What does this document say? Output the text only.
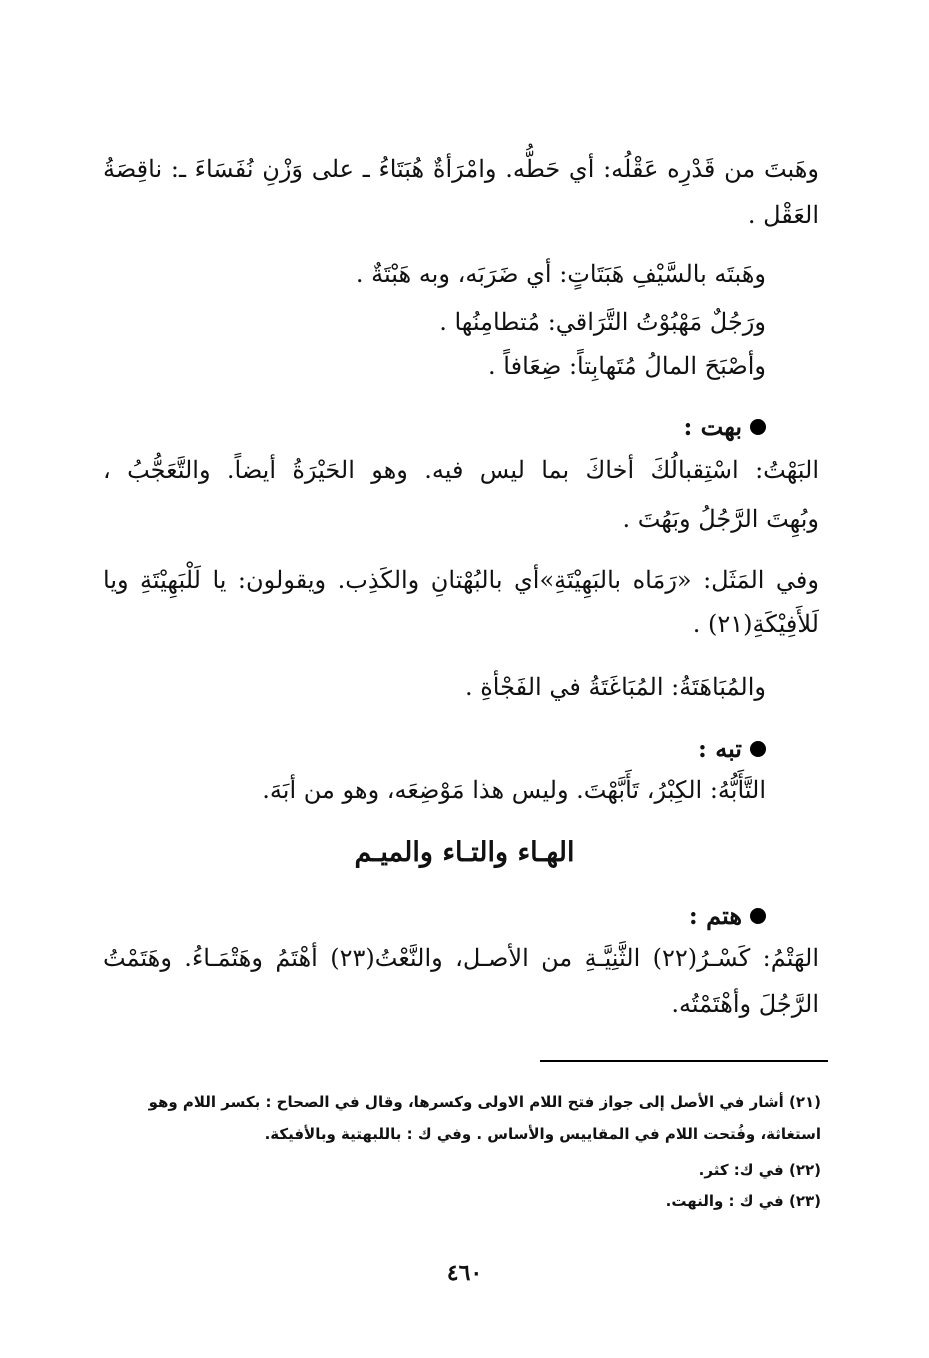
وهَبتَ من قَدْرِه عَقْلُه: أي حَطُّه. وامْرَأةٌ هُبَتَاءُ ـ على وَزْنِ نُفَسَاءَ ـ: ناقِصَةُ
العَقْل .
وهَبتَه بالسَّيْفِ هَبَتَاتٍ: أي ضَرَبَه، وبه هَبْتَةٌ .
ورَجُلٌ مَهْبُوْتُ التَّرَاقي: مُتطامِنُها .
وأصْبَحَ المالُ مُتَهابِتاً: ضِعَافاً .
بهت :
البَهْتُ: اسْتِقبالُكَ أخاكَ بما ليس فيه. وهو الحَيْرَةُ أيضاً. والتَّعَجُّبُ ،
وبُهِتَ الرَّجُلُ وبَهُتَ .
وفي المَثَل: «رَمَاه بالبَهِيْتَةِ»أي بالبُهْتانِ والكَذِب. ويقولون: يا لَلْبَهِيْتَةِ ويا
لَلأَفِيْكَةِ(٢١) .
والمُبَاهَتَةُ: المُبَاغَتَةُ في الفَجْأةِ .
تبه :
التَّأَبُّهُ: الكِبْرُ، تَأَبَّهْتَ. وليس هذا مَوْضِعَه، وهو من أبَهَ.
الهـاء والتـاء والميـم
هتم :
الهَتْمُ: كَسْـرُ(٢٢) الثَّنِيَّـةِ من الأصـل، والنَّعْتُ(٢٣) أهْتَمُ وهَتْمَـاءُ. وهَتَمْتُ
الرَّجُلَ وأهْتَمْتُه.
(٢١) أشار في الأصل إلى جواز فتح اللام الاولى وكسرها، وقال في الصحاح : بكسر اللام وهو
استغاثة، وفُتحت اللام في المقاييس والأساس . وفي ك : باللبهتية وبالأفيكة.
(٢٢) في ك: كثر.
(٢٣) في ك : والنهت.
٤٦٠
